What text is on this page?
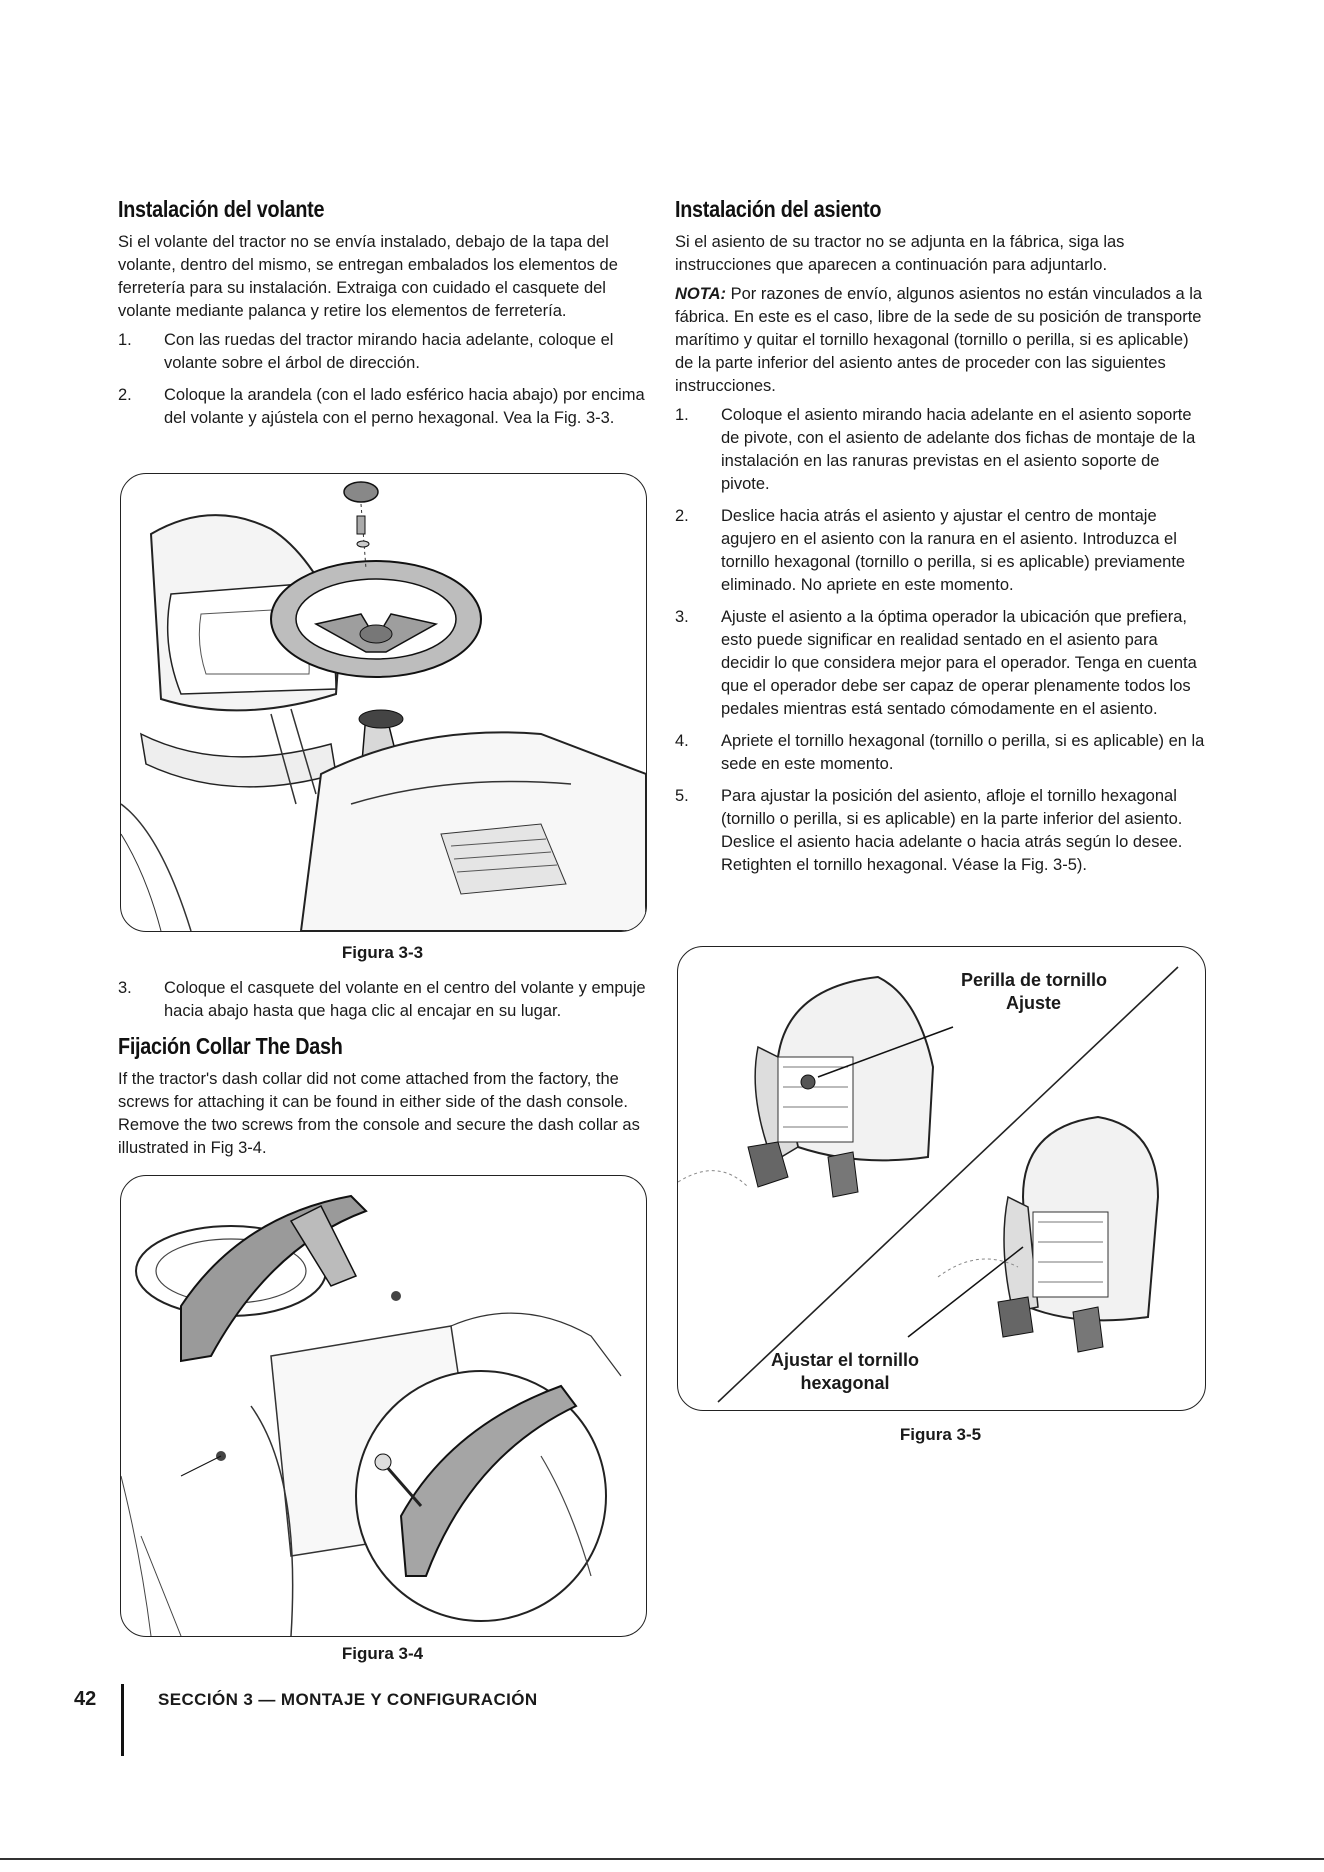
Instalación del volante

Si el volante del tractor no se envía instalado, debajo de la tapa del volante, dentro del mismo, se entregan embalados los elementos de ferretería para su instalación. Extraiga con cuidado el casquete del volante mediante palanca y retire los elementos de ferretería.

1. Con las ruedas del tractor mirando hacia adelante, coloque el volante sobre el árbol de dirección.
2. Coloque la arandela (con el lado esférico hacia abajo) por encima del volante y ajústela con el perno hexagonal. Vea la Fig. 3-3.
Figura 3-3
3. Coloque el casquete del volante en el centro del volante y empuje hacia abajo hasta que haga clic al encajar en su lugar.
Fijación Collar The Dash

If the tractor's dash collar did not come attached from the factory, the screws for attaching it can be found in either side of the dash console. Remove the two screws from the console and secure the dash collar as illustrated in Fig 3-4.

Figura 3-4
Instalación del asiento

Si el asiento de su tractor no se adjunta en la fábrica, siga las instrucciones que aparecen a continuación para adjuntarlo.

NOTA: Por razones de envío, algunos asientos no están vinculados a la fábrica. En este es el caso, libre de la sede de su posición de transporte marítimo y quitar el tornillo hexagonal (tornillo o perilla, si es aplicable) de la parte inferior del asiento antes de proceder con las siguientes instrucciones.

1. Coloque el asiento mirando hacia adelante en el asiento soporte de pivote, con el asiento de adelante dos fichas de montaje de la instalación en las ranuras previstas en el asiento soporte de pivote.
2. Deslice hacia atrás el asiento y ajustar el centro de montaje agujero en el asiento con la ranura en el asiento. Introduzca el tornillo hexagonal (tornillo o perilla, si es aplicable) previamente eliminado. No apriete en este momento.
3. Ajuste el asiento a la óptima operador la ubicación que prefiera, esto puede significar en realidad sentado en el asiento para decidir lo que considera mejor para el operador. Tenga en cuenta que el operador debe ser capaz de operar plenamente todos los pedales mientras está sentado cómodamente en el asiento.
4. Apriete el tornillo hexagonal (tornillo o perilla, si es aplicable) en la sede en este momento.
5. Para ajustar la posición del asiento, afloje el tornillo hexagonal (tornillo o perilla, si es aplicable) en la parte inferior del asiento. Deslice el asiento hacia adelante o hacia atrás según lo desee. Retighten el tornillo hexagonal. Véase la Fig. 3-5).
Perilla de tornillo
Ajuste
Ajustar el tornillo
hexagonal
Figura 3-5
42	SECCIÓN 3 — MONTAJE Y CONFIGURACIÓN
